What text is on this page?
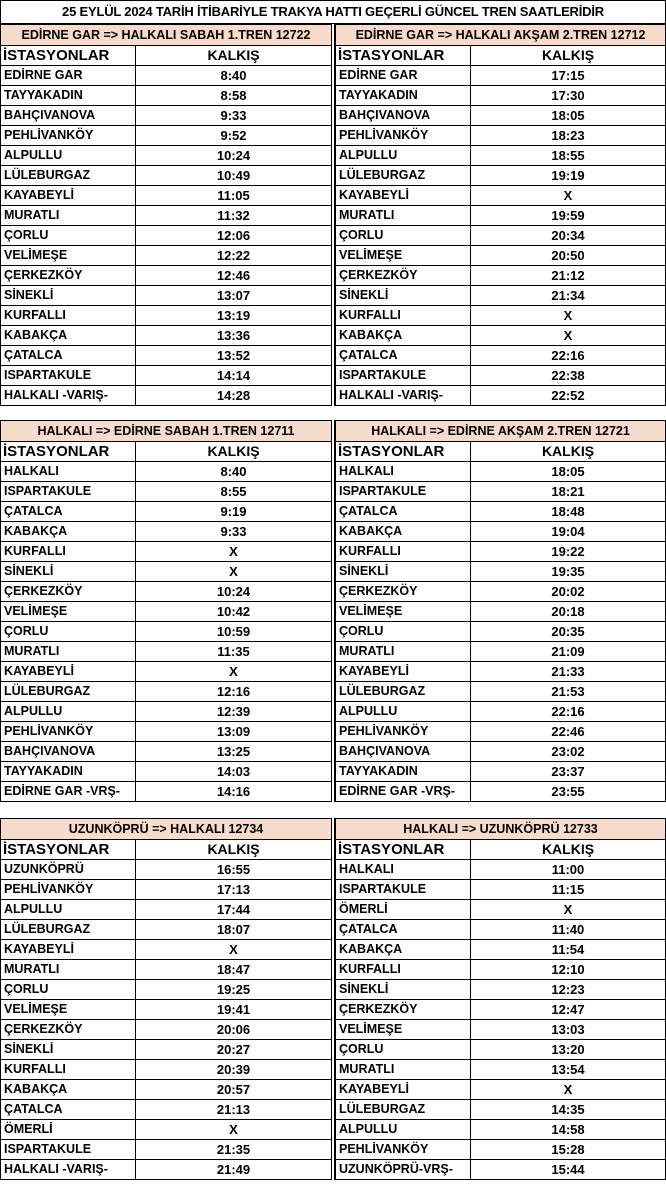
25 EYLÜL 2024 TARİH İTİBARİYLE TRAKYA HATTI GEÇERLİ GÜNCEL TREN SAATLERİDİR
EDİRNE GAR => HALKALI SABAH 1.TREN 12722
İSTASYONLAR	KALKIŞ
EDİRNE GAR	8:40
TAYYAKADIN	8:58
BAHÇIVANOVA	9:33
PEHLİVANKÖY	9:52
ALPULLU	10:24
LÜLEBURGAZ	10:49
KAYABEYLİ	11:05
MURATLI	11:32
ÇORLU	12:06
VELİMEŞE	12:22
ÇERKEZKÖY	12:46
SİNEKLİ	13:07
KURFALLI	13:19
KABAKÇA	13:36
ÇATALCA	13:52
ISPARTAKULE	14:14
HALKALI -VARIŞ-	14:28
EDİRNE GAR => HALKALI AKŞAM 2.TREN 12712
İSTASYONLAR	KALKIŞ
EDİRNE GAR	17:15
TAYYAKADIN	17:30
BAHÇIVANOVA	18:05
PEHLİVANKÖY	18:23
ALPULLU	18:55
LÜLEBURGAZ	19:19
KAYABEYLİ	X
MURATLI	19:59
ÇORLU	20:34
VELİMEŞE	20:50
ÇERKEZKÖY	21:12
SİNEKLİ	21:34
KURFALLI	X
KABAKÇA	X
ÇATALCA	22:16
ISPARTAKULE	22:38
HALKALI -VARIŞ-	22:52
HALKALI => EDİRNE SABAH 1.TREN 12711
İSTASYONLAR	KALKIŞ
HALKALI	8:40
ISPARTAKULE	8:55
ÇATALCA	9:19
KABAKÇA	9:33
KURFALLI	X
SİNEKLİ	X
ÇERKEZKÖY	10:24
VELİMEŞE	10:42
ÇORLU	10:59
MURATLI	11:35
KAYABEYLİ	X
LÜLEBURGAZ	12:16
ALPULLU	12:39
PEHLİVANKÖY	13:09
BAHÇIVANOVA	13:25
TAYYAKADIN	14:03
EDİRNE GAR -VRŞ-	14:16
HALKALI => EDİRNE AKŞAM 2.TREN 12721
İSTASYONLAR	KALKIŞ
HALKALI	18:05
ISPARTAKULE	18:21
ÇATALCA	18:48
KABAKÇA	19:04
KURFALLI	19:22
SİNEKLİ	19:35
ÇERKEZKÖY	20:02
VELİMEŞE	20:18
ÇORLU	20:35
MURATLI	21:09
KAYABEYLİ	21:33
LÜLEBURGAZ	21:53
ALPULLU	22:16
PEHLİVANKÖY	22:46
BAHÇIVANOVA	23:02
TAYYAKADIN	23:37
EDİRNE GAR -VRŞ-	23:55
UZUNKÖPRÜ => HALKALI 12734
İSTASYONLAR	KALKIŞ
UZUNKÖPRÜ	16:55
PEHLİVANKÖY	17:13
ALPULLU	17:44
LÜLEBURGAZ	18:07
KAYABEYLİ	X
MURATLI	18:47
ÇORLU	19:25
VELİMEŞE	19:41
ÇERKEZKÖY	20:06
SİNEKLİ	20:27
KURFALLI	20:39
KABAKÇA	20:57
ÇATALCA	21:13
ÖMERLİ	X
ISPARTAKULE	21:35
HALKALI -VARIŞ-	21:49
HALKALI => UZUNKÖPRÜ 12733
İSTASYONLAR	KALKIŞ
HALKALI	11:00
ISPARTAKULE	11:15
ÖMERLİ	X
ÇATALCA	11:40
KABAKÇA	11:54
KURFALLI	12:10
SİNEKLİ	12:23
ÇERKEZKÖY	12:47
VELİMEŞE	13:03
ÇORLU	13:20
MURATLI	13:54
KAYABEYLİ	X
LÜLEBURGAZ	14:35
ALPULLU	14:58
PEHLİVANKÖY	15:28
UZUNKÖPRÜ-VRŞ-	15:44
